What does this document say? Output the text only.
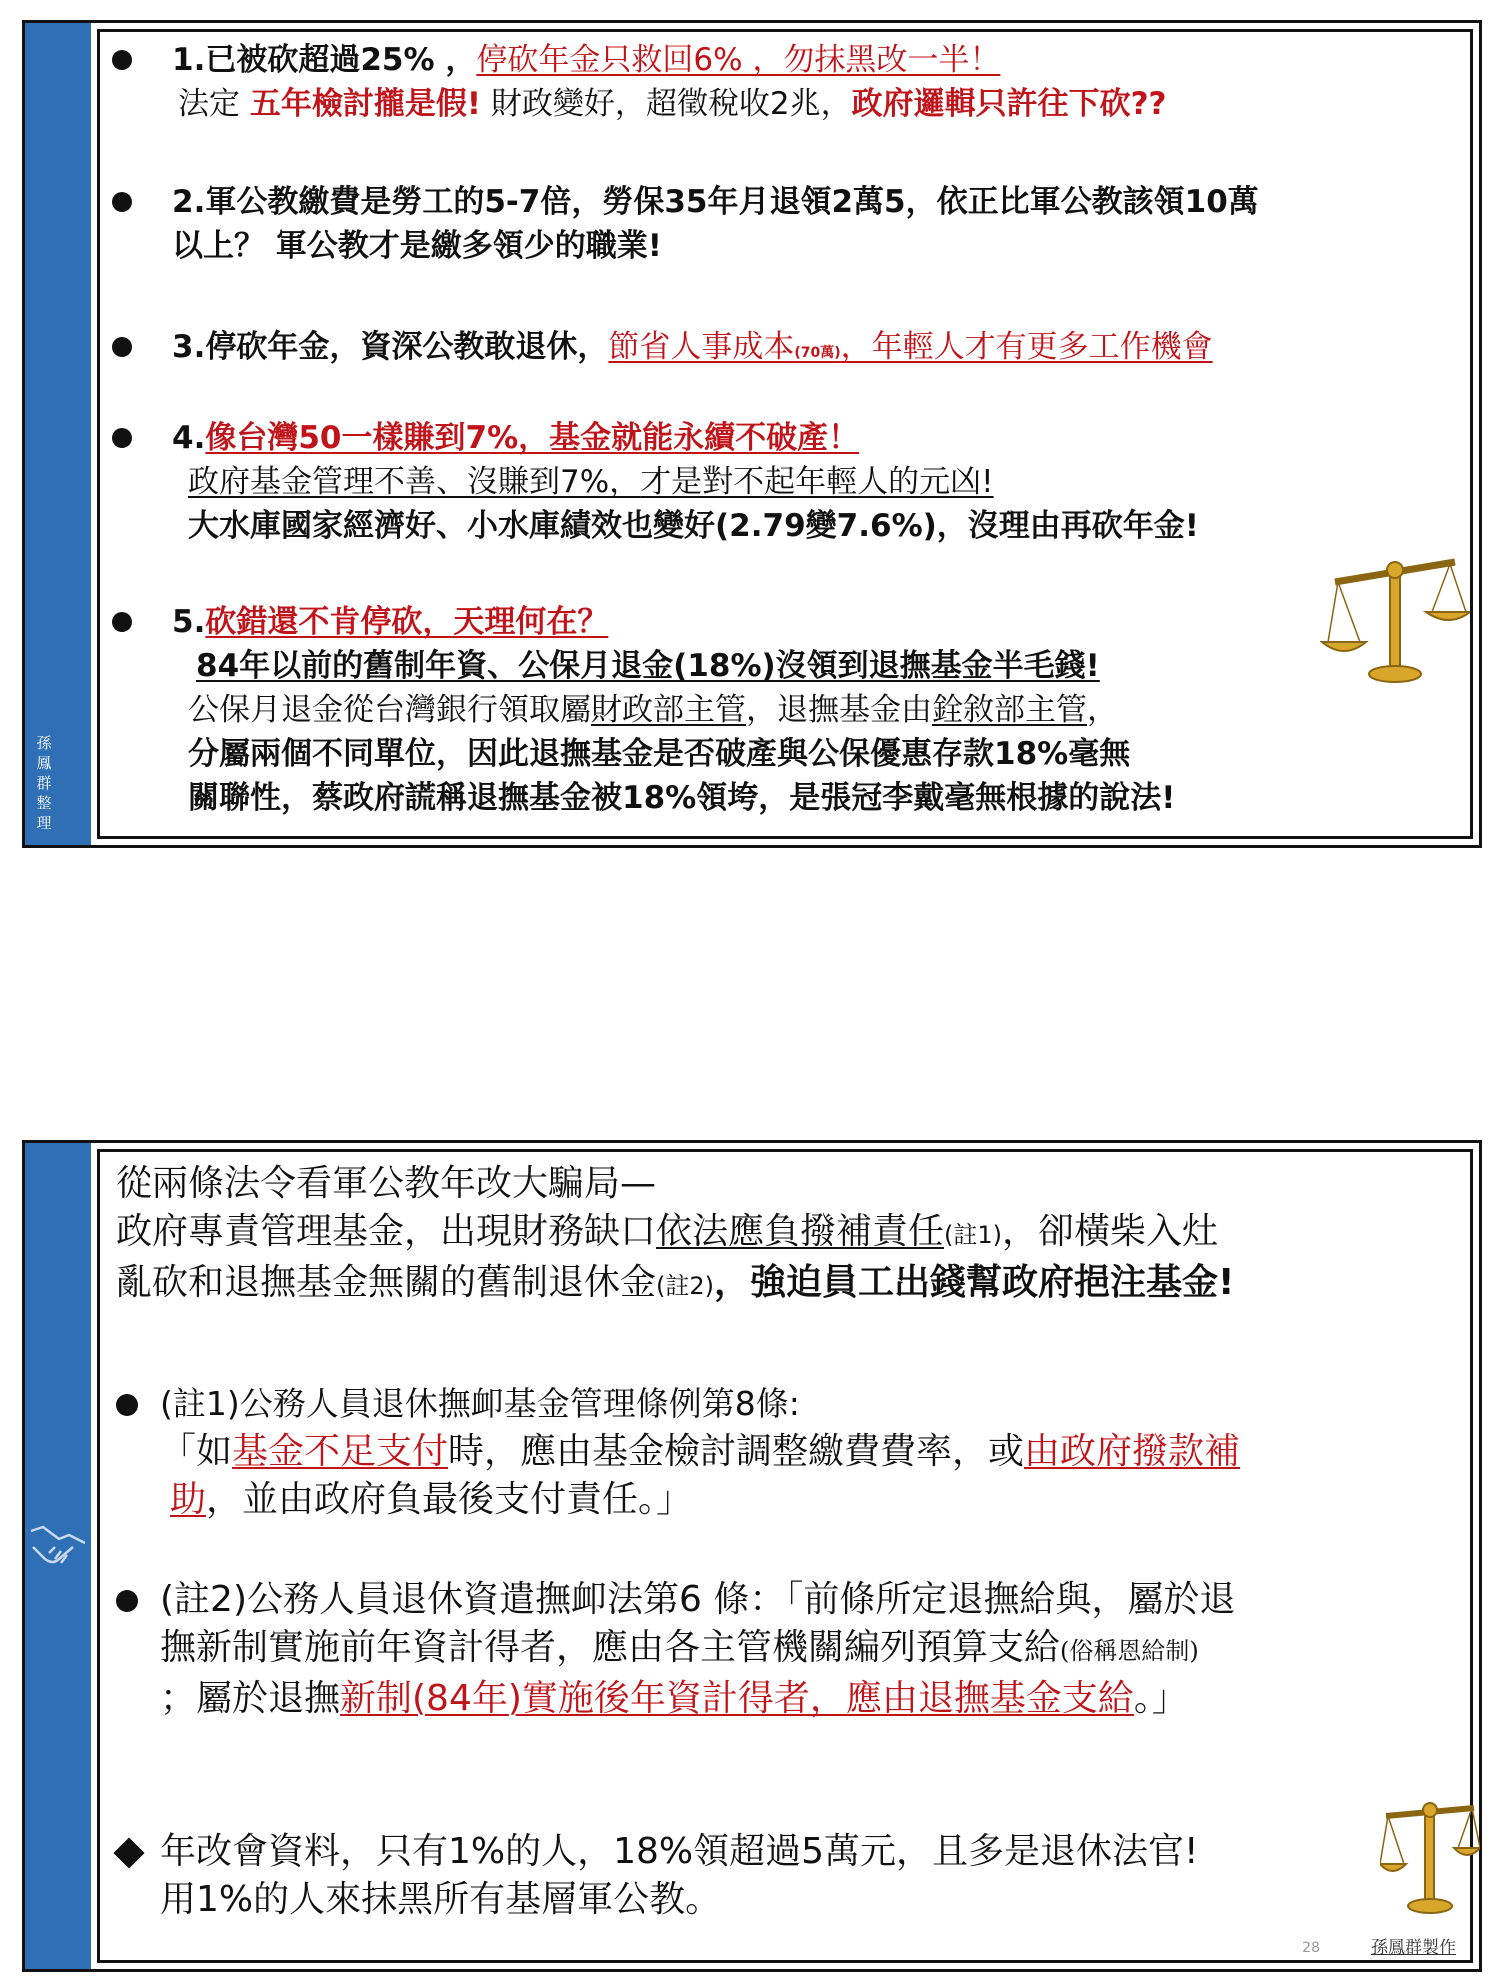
孫
鳳
群
整
理
1.已被砍超過25% ，停砍年金只救回6% ，勿抹黑改一半！
法定 五年檢討攏是假! 財政變好，超徵稅收2兆，政府邏輯只許往下砍??
2.軍公教繳費是勞工的5-7倍，勞保35年月退領2萬5，依正比軍公教該領10萬
以上？ 軍公教才是繳多領少的職業!
3.停砍年金，資深公教敢退休，節省人事成本(70萬)，年輕人才有更多工作機會
4.像台灣50一樣賺到7%，基金就能永續不破產！
政府基金管理不善、沒賺到7%，才是對不起年輕人的元凶!
大水庫國家經濟好、小水庫績效也變好(2.79變7.6%)，沒理由再砍年金!
5.砍錯還不肯停砍，天理何在？
84年以前的舊制年資、公保月退金(18%)沒領到退撫基金半毛錢!
公保月退金從台灣銀行領取屬財政部主管，退撫基金由銓敘部主管，
分屬兩個不同單位，因此退撫基金是否破產與公保優惠存款18%毫無
關聯性，蔡政府謊稱退撫基金被18%領垮，是張冠李戴毫無根據的說法!
從兩條法令看軍公教年改大騙局—
政府專責管理基金，出現財務缺口依法應負撥補責任(註1)，卻橫柴入灶
亂砍和退撫基金無關的舊制退休金(註2)，強迫員工出錢幫政府挹注基金!
(註1)公務人員退休撫卹基金管理條例第8條:
「如基金不足支付時，應由基金檢討調整繳費費率，或由政府撥款補
助，並由政府負最後支付責任。」
(註2)公務人員退休資遣撫卹法第6 條：「前條所定退撫給與，屬於退
撫新制實施前年資計得者，應由各主管機關編列預算支給(俗稱恩給制)
；屬於退撫新制(84年)實施後年資計得者，應由退撫基金支給。」
年改會資料，只有1%的人，18%領超過5萬元，且多是退休法官!
用1%的人來抹黑所有基層軍公教。
28	孫鳳群製作
